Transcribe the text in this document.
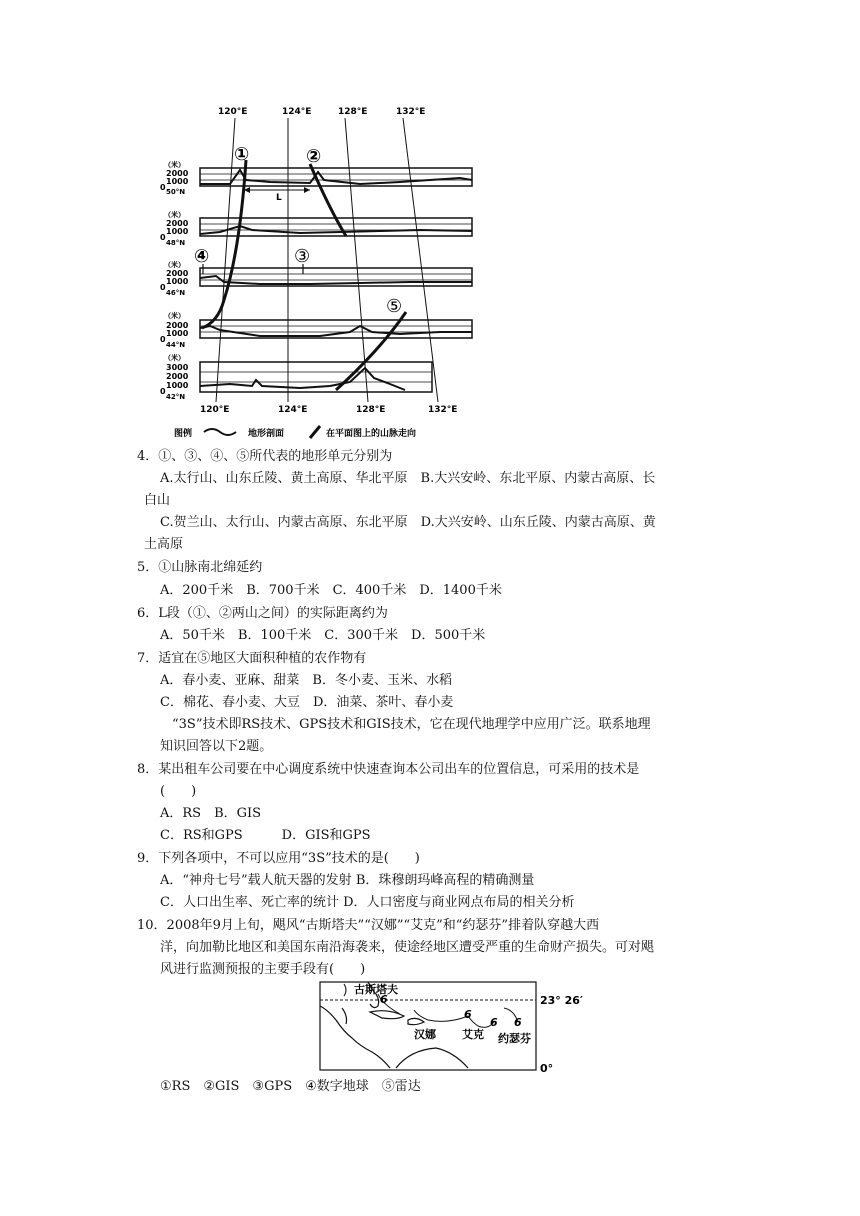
120°E	124°E	128°E	132°E
（米）
2000
1000
0 50°N
L
（米）
2000
1000
0
48°N
（米）
2000
1000
0
46°N
（米）
2000
1000
0
44°N
（米）
3000
2000
1000
0
42°N
①	②
③
④
⑤
120°E	124°E	128°E	132°E
图例	地形剖面	在平面图上的山脉走向
4．①、③、④、⑤所代表的地形单元分别为
A.太行山、山东丘陵、黄土高原、华北平原　B.大兴安岭、东北平原、内蒙古高原、长
白山
C.贺兰山、太行山、内蒙古高原、东北平原　D.大兴安岭、山东丘陵、内蒙古高原、黄
土高原
5．①山脉南北绵延约
A．200千米　B．700千米　C．400千米　D．1400千米
6．L段（①、②两山之间）的实际距离约为
A．50千米　B．100千米　C．300千米　D．500千米
7．适宜在⑤地区大面积种植的农作物有
A．春小麦、亚麻、甜菜　B．冬小麦、玉米、水稻
C．棉花、春小麦、大豆　D．油菜、茶叶、春小麦
“3S”技术即RS技术、GPS技术和GIS技术，它在现代地理学中应用广泛。联系地理
知识回答以下2题。
8．某出租车公司要在中心调度系统中快速查询本公司出车的位置信息，可采用的技术是
(　　)
A．RS　B．GIS
C．RS和GPS　　　D．GIS和GPS
9．下列各项中，不可以应用“3S”技术的是(　　)
A．“神舟七号”载人航天器的发射 B．珠穆朗玛峰高程的精确测量
C．人口出生率、死亡率的统计 D．人口密度与商业网点布局的相关分析
10．2008年9月上旬，飓风“古斯塔夫”“汉娜”“艾克”和“约瑟芬”排着队穿越大西
洋，向加勒比地区和美国东南沿海袭来，使途经地区遭受严重的生命财产损失。可对飓
风进行监测预报的主要手段有(　　)
6
6
6 6
古斯塔夫
汉娜 艾克 约瑟芬
23° 26′
0°
①RS　②GIS　③GPS　④数字地球　⑤雷达
